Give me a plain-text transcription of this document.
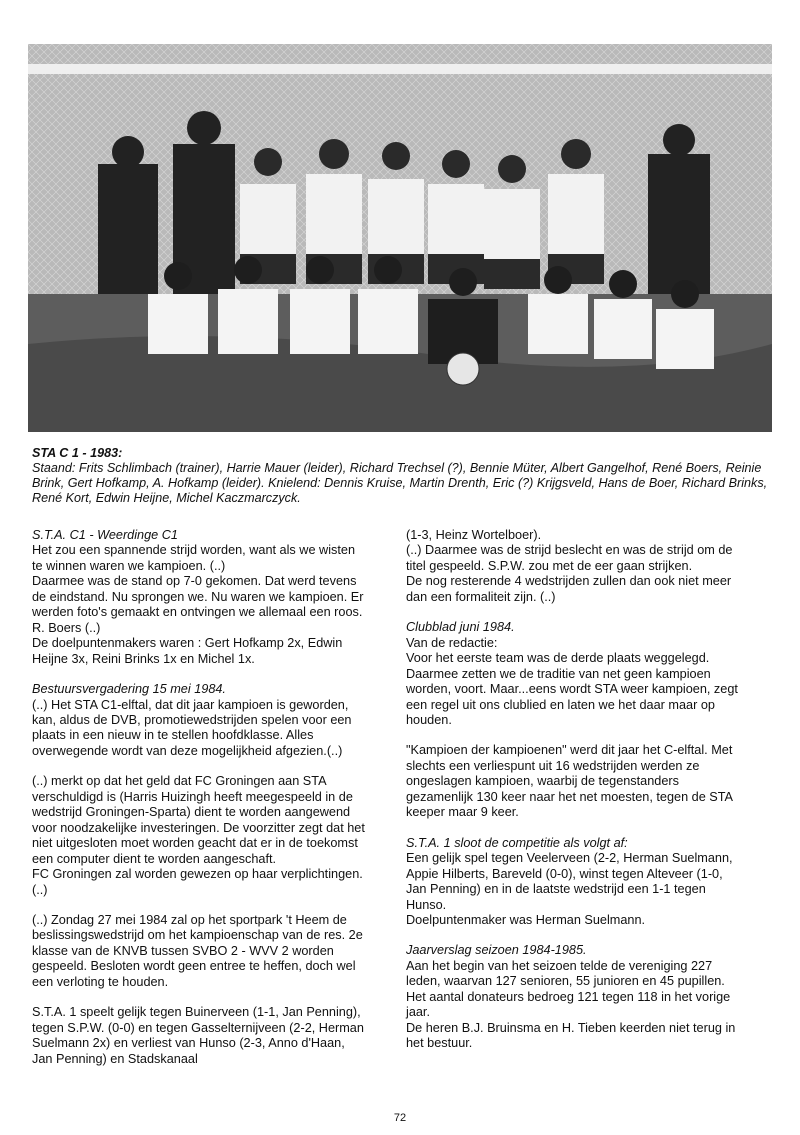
STA C 1 - 1983:
Staand: Frits Schlimbach (trainer), Harrie Mauer (leider), Richard Trechsel (?), Bennie Müter, Albert Gangelhof, René Boers, Reinie Brink, Gert Hofkamp, A. Hofkamp (leider). Knielend: Dennis Kruise, Martin Drenth, Eric (?) Krijgsveld, Hans de Boer, Richard Brinks, René Kort, Edwin Heijne, Michel Kaczmarczyck.
S.T.A. C1 - Weerdinge C1
Het zou een spannende strijd worden, want als we wisten te winnen waren we kampioen. (..)
Daarmee was de stand op 7-0 gekomen. Dat werd tevens de eindstand. Nu sprongen we. Nu waren we kampioen. Er werden foto's gemaakt en ontvingen we allemaal een roos. R. Boers (..)
De doelpuntenmakers waren : Gert Hofkamp 2x, Edwin Heijne 3x, Reini Brinks 1x en Michel 1x.
Bestuursvergadering 15 mei 1984.
(..) Het STA C1-elftal, dat dit jaar kampioen is geworden, kan, aldus de DVB, promotiewedstrijden spelen voor een plaats in een nieuw in te stellen hoofdklasse. Alles overwegende wordt van deze mogelijkheid afgezien.(..)
(..) merkt op dat het geld dat FC Groningen aan STA verschuldigd is (Harris Huizingh heeft meegespeeld in de wedstrijd Groningen-Sparta) dient te worden aangewend voor noodzakelijke investeringen. De voorzitter zegt dat het niet uitgesloten moet worden geacht dat er in de toekomst een computer dient te worden aangeschaft.
FC Groningen zal worden gewezen op haar verplichtingen.(..)
(..) Zondag 27 mei 1984 zal op het sportpark 't Heem de beslissingswedstrijd om het kampioenschap van de res. 2e klasse van de KNVB tussen SVBO 2 - WVV 2 worden gespeeld. Besloten wordt geen entree te heffen, doch wel een verloting te houden.
S.T.A. 1 speelt gelijk tegen Buinerveen (1-1, Jan Penning), tegen S.P.W. (0-0) en tegen Gasselternijveen (2-2, Herman Suelmann 2x) en verliest van Hunso (2-3, Anno d'Haan, Jan Penning) en Stadskanaal
(1-3, Heinz Wortelboer).
(..) Daarmee was de strijd beslecht en was de strijd om de titel gespeeld. S.P.W. zou met de eer gaan strijken.
De nog resterende 4 wedstrijden zullen dan ook niet meer dan een formaliteit zijn. (..)
Clubblad juni 1984.
Van de redactie:
Voor het eerste team was de derde plaats weggelegd. Daarmee zetten we de traditie van net geen kampioen worden, voort. Maar...eens wordt STA weer kampioen, zegt een regel uit ons clublied en laten we het daar maar op houden.
"Kampioen der kampioenen" werd dit jaar het C-elftal. Met slechts een verliespunt uit 16 wedstrijden werden ze ongeslagen kampioen, waarbij de tegenstanders gezamenlijk 130 keer naar het net moesten, tegen de STA keeper maar 9 keer.
S.T.A. 1 sloot de competitie als volgt af:
Een gelijk spel tegen Veelerveen (2-2, Herman Suelmann, Appie Hilberts, Bareveld (0-0), winst tegen Alteveer (1-0, Jan Penning) en in de laatste wedstrijd een 1-1 tegen Hunso.
Doelpuntenmaker was Herman Suelmann.
Jaarverslag seizoen 1984-1985.
Aan het begin van het seizoen telde de vereniging 227 leden, waarvan 127 senioren, 55 junioren en 45 pupillen.
Het aantal donateurs bedroeg 121 tegen 118 in het vorige jaar.
De heren B.J. Bruinsma en H. Tieben keerden niet terug in het bestuur.
72
